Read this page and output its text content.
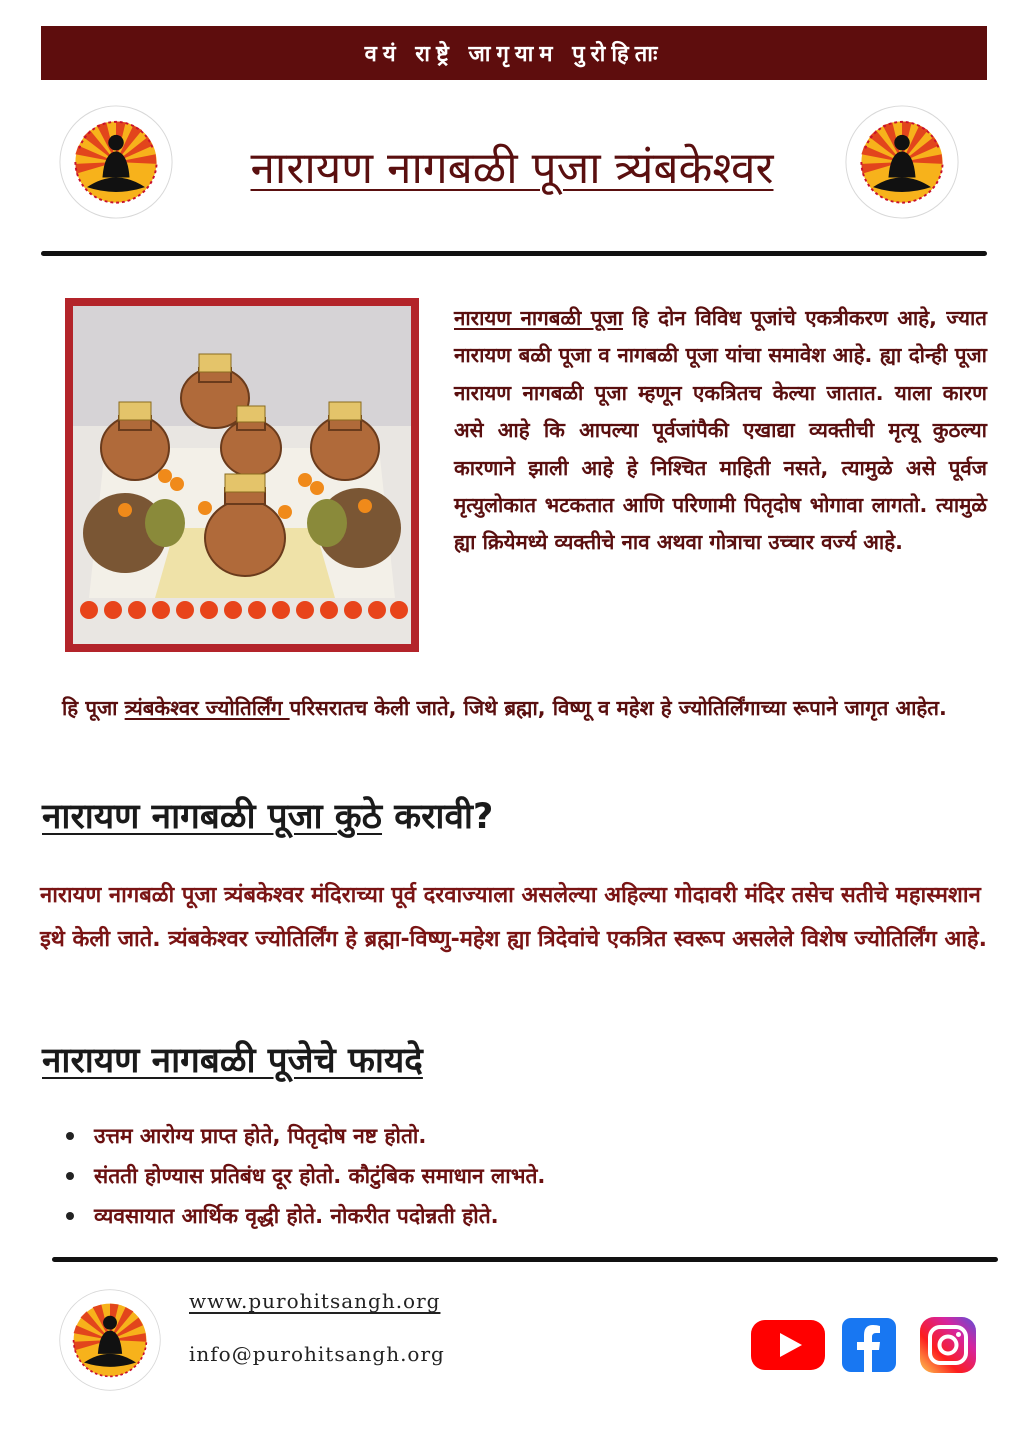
वयं राष्ट्रे जागृयाम पुरोहिताः
नारायण नागबळी पूजा त्र्यंबकेश्वर
नारायण नागबळी पूजा हि दोन विविध पूजांचे एकत्रीकरण आहे, ज्यात नारायण बळी पूजा व नागबळी पूजा यांचा समावेश आहे. ह्या दोन्ही पूजा नारायण नागबळी पूजा म्हणून एकत्रितच केल्या जातात. याला कारण असे आहे कि आपल्या पूर्वजांपैकी एखाद्या व्यक्तीची मृत्यू कुठल्या कारणाने झाली आहे हे निश्चित माहिती नसते, त्यामुळे असे पूर्वज मृत्युलोकात भटकतात आणि परिणामी पितृदोष भोगावा लागतो. त्यामुळे ह्या क्रियेमध्ये व्यक्तीचे नाव अथवा गोत्राचा उच्चार वर्ज्य आहे.
हि पूजा त्र्यंबकेश्वर ज्योतिर्लिंग परिसरातच केली जाते, जिथे ब्रह्मा, विष्णू व महेश हे ज्योतिर्लिंगाच्या रूपाने जागृत आहेत.
नारायण नागबळी पूजा कुठे करावी?
नारायण नागबळी पूजा त्र्यंबकेश्वर मंदिराच्या पूर्व दरवाज्याला असलेल्या अहिल्या गोदावरी मंदिर तसेच सतीचे महास्मशान इथे केली जाते. त्र्यंबकेश्वर ज्योतिर्लिंग हे ब्रह्मा-विष्णु-महेश ह्या त्रिदेवांचे एकत्रित स्वरूप असलेले विशेष ज्योतिर्लिंग आहे.
नारायण नागबळी पूजेचे फायदे
उत्तम आरोग्य प्राप्त होते, पितृदोष नष्ट होतो.
संतती होण्यास प्रतिबंध दूर होतो. कौटुंबिक समाधान लाभते.
व्यवसायात आर्थिक वृद्धी होते. नोकरीत पदोन्नती होते.
www.purohitsangh.org
info@purohitsangh.org
